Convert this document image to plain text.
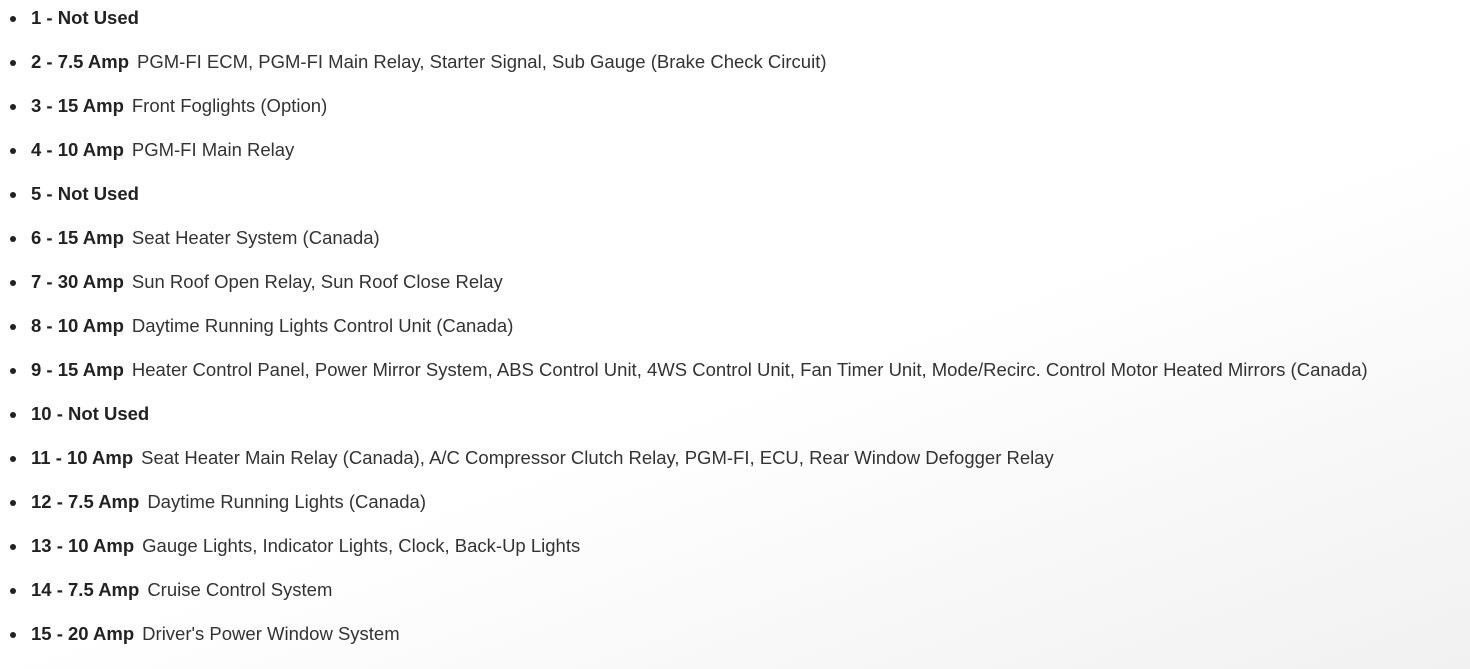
1 - Not Used
2 - 7.5 Amp PGM-FI ECM, PGM-FI Main Relay, Starter Signal, Sub Gauge (Brake Check Circuit)
3 - 15 Amp Front Foglights (Option)
4 - 10 Amp PGM-FI Main Relay
5 - Not Used
6 - 15 Amp Seat Heater System (Canada)
7 - 30 Amp Sun Roof Open Relay, Sun Roof Close Relay
8 - 10 Amp Daytime Running Lights Control Unit (Canada)
9 - 15 Amp Heater Control Panel, Power Mirror System, ABS Control Unit, 4WS Control Unit, Fan Timer Unit, Mode/Recirc. Control Motor Heated Mirrors (Canada)
10 - Not Used
11 - 10 Amp Seat Heater Main Relay (Canada), A/C Compressor Clutch Relay, PGM-FI, ECU, Rear Window Defogger Relay
12 - 7.5 Amp Daytime Running Lights (Canada)
13 - 10 Amp Gauge Lights, Indicator Lights, Clock, Back-Up Lights
14 - 7.5 Amp Cruise Control System
15 - 20 Amp Driver's Power Window System
